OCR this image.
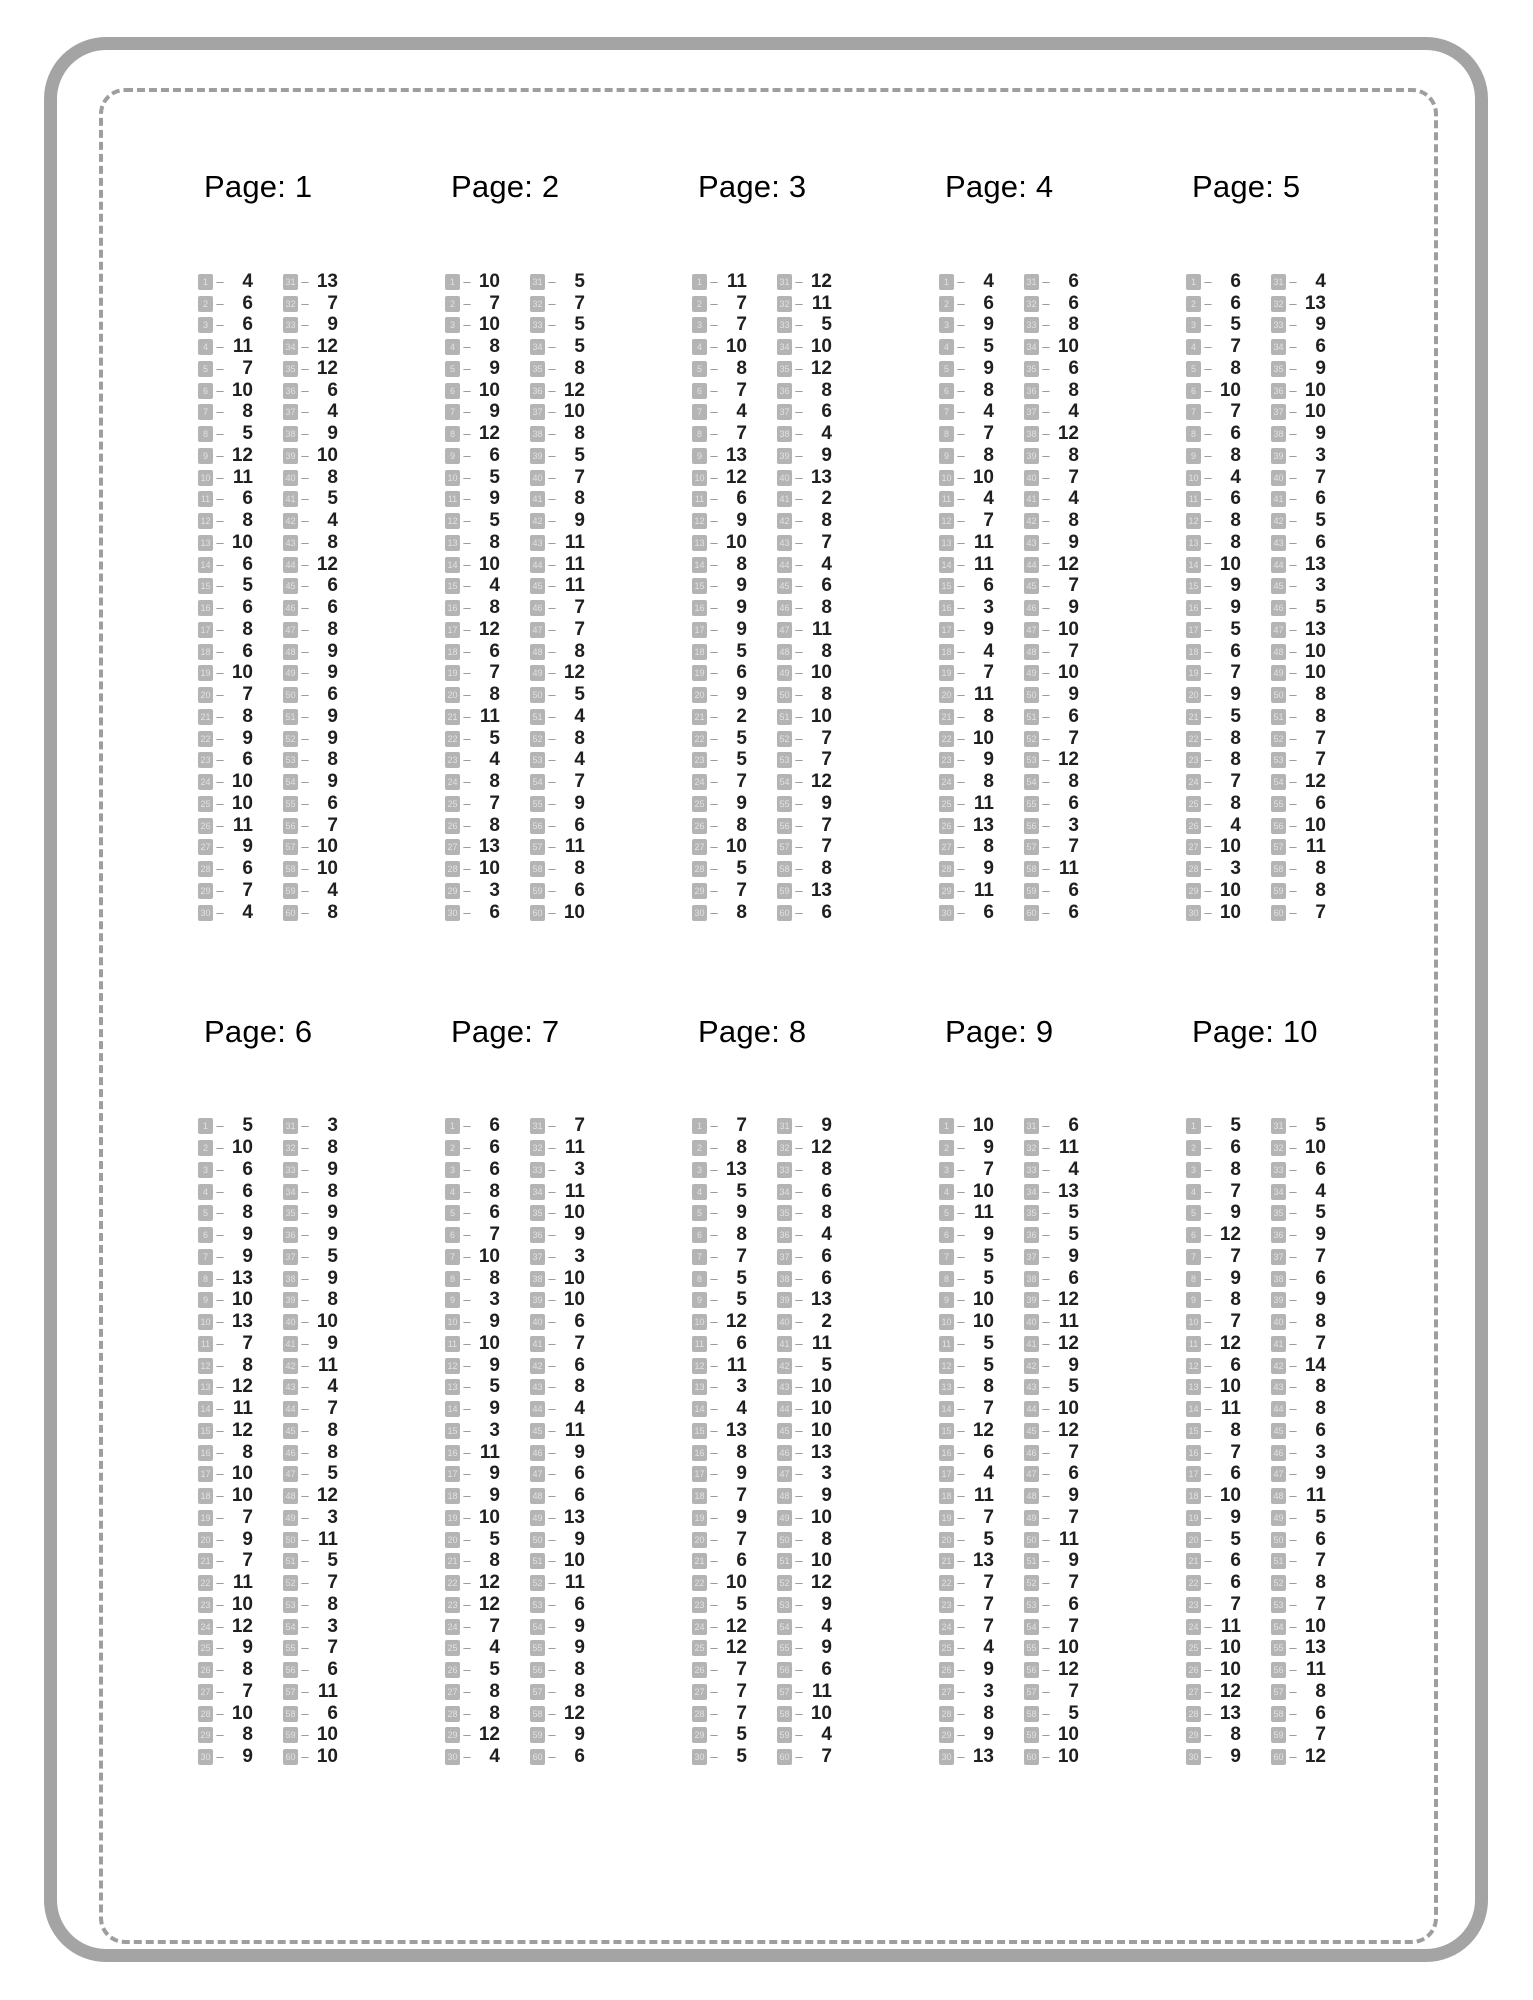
Page: 1
1 – 4	31 – 13
2 – 6	32 – 7
3 – 6	33 – 9
4 – 11	34 – 12
5 – 7	35 – 12
6 – 10	36 – 6
7 – 8	37 – 4
8 – 5	38 – 9
9 – 12	39 – 10
10 – 11	40 – 8
11 – 6	41 – 5
12 – 8	42 – 4
13 – 10	43 – 8
14 – 6	44 – 12
15 – 5	45 – 6
16 – 6	46 – 6
17 – 8	47 – 8
18 – 6	48 – 9
19 – 10	49 – 9
20 – 7	50 – 6
21 – 8	51 – 9
22 – 9	52 – 9
23 – 6	53 – 8
24 – 10	54 – 9
25 – 10	55 – 6
26 – 11	56 – 7
27 – 9	57 – 10
28 – 6	58 – 10
29 – 7	59 – 4
30 – 4	60 – 8
Page: 2
1 – 10	31 – 5
2 – 7	32 – 7
3 – 10	33 – 5
4 – 8	34 – 5
5 – 9	35 – 8
6 – 10	36 – 12
7 – 9	37 – 10
8 – 12	38 – 8
9 – 6	39 – 5
10 – 5	40 – 7
11 – 9	41 – 8
12 – 5	42 – 9
13 – 8	43 – 11
14 – 10	44 – 11
15 – 4	45 – 11
16 – 8	46 – 7
17 – 12	47 – 7
18 – 6	48 – 8
19 – 7	49 – 12
20 – 8	50 – 5
21 – 11	51 – 4
22 – 5	52 – 8
23 – 4	53 – 4
24 – 8	54 – 7
25 – 7	55 – 9
26 – 8	56 – 6
27 – 13	57 – 11
28 – 10	58 – 8
29 – 3	59 – 6
30 – 6	60 – 10
Page: 3
1 – 11	31 – 12
2 – 7	32 – 11
3 – 7	33 – 5
4 – 10	34 – 10
5 – 8	35 – 12
6 – 7	36 – 8
7 – 4	37 – 6
8 – 7	38 – 4
9 – 13	39 – 9
10 – 12	40 – 13
11 – 6	41 – 2
12 – 9	42 – 8
13 – 10	43 – 7
14 – 8	44 – 4
15 – 9	45 – 6
16 – 9	46 – 8
17 – 9	47 – 11
18 – 5	48 – 8
19 – 6	49 – 10
20 – 9	50 – 8
21 – 2	51 – 10
22 – 5	52 – 7
23 – 5	53 – 7
24 – 7	54 – 12
25 – 9	55 – 9
26 – 8	56 – 7
27 – 10	57 – 7
28 – 5	58 – 8
29 – 7	59 – 13
30 – 8	60 – 6
Page: 4
1 – 4	31 – 6
2 – 6	32 – 6
3 – 9	33 – 8
4 – 5	34 – 10
5 – 9	35 – 6
6 – 8	36 – 8
7 – 4	37 – 4
8 – 7	38 – 12
9 – 8	39 – 8
10 – 10	40 – 7
11 – 4	41 – 4
12 – 7	42 – 8
13 – 11	43 – 9
14 – 11	44 – 12
15 – 6	45 – 7
16 – 3	46 – 9
17 – 9	47 – 10
18 – 4	48 – 7
19 – 7	49 – 10
20 – 11	50 – 9
21 – 8	51 – 6
22 – 10	52 – 7
23 – 9	53 – 12
24 – 8	54 – 8
25 – 11	55 – 6
26 – 13	56 – 3
27 – 8	57 – 7
28 – 9	58 – 11
29 – 11	59 – 6
30 – 6	60 – 6
Page: 5
1 – 6	31 – 4
2 – 6	32 – 13
3 – 5	33 – 9
4 – 7	34 – 6
5 – 8	35 – 9
6 – 10	36 – 10
7 – 7	37 – 10
8 – 6	38 – 9
9 – 8	39 – 3
10 – 4	40 – 7
11 – 6	41 – 6
12 – 8	42 – 5
13 – 8	43 – 6
14 – 10	44 – 13
15 – 9	45 – 3
16 – 9	46 – 5
17 – 5	47 – 13
18 – 6	48 – 10
19 – 7	49 – 10
20 – 9	50 – 8
21 – 5	51 – 8
22 – 8	52 – 7
23 – 8	53 – 7
24 – 7	54 – 12
25 – 8	55 – 6
26 – 4	56 – 10
27 – 10	57 – 11
28 – 3	58 – 8
29 – 10	59 – 8
30 – 10	60 – 7
Page: 6
1 – 5	31 – 3
2 – 10	32 – 8
3 – 6	33 – 9
4 – 6	34 – 8
5 – 8	35 – 9
6 – 9	36 – 9
7 – 9	37 – 5
8 – 13	38 – 9
9 – 10	39 – 8
10 – 13	40 – 10
11 – 7	41 – 9
12 – 8	42 – 11
13 – 12	43 – 4
14 – 11	44 – 7
15 – 12	45 – 8
16 – 8	46 – 8
17 – 10	47 – 5
18 – 10	48 – 12
19 – 7	49 – 3
20 – 9	50 – 11
21 – 7	51 – 5
22 – 11	52 – 7
23 – 10	53 – 8
24 – 12	54 – 3
25 – 9	55 – 7
26 – 8	56 – 6
27 – 7	57 – 11
28 – 10	58 – 6
29 – 8	59 – 10
30 – 9	60 – 10
Page: 7
1 – 6	31 – 7
2 – 6	32 – 11
3 – 6	33 – 3
4 – 8	34 – 11
5 – 6	35 – 10
6 – 7	36 – 9
7 – 10	37 – 3
8 – 8	38 – 10
9 – 3	39 – 10
10 – 9	40 – 6
11 – 10	41 – 7
12 – 9	42 – 6
13 – 5	43 – 8
14 – 9	44 – 4
15 – 3	45 – 11
16 – 11	46 – 9
17 – 9	47 – 6
18 – 9	48 – 6
19 – 10	49 – 13
20 – 5	50 – 9
21 – 8	51 – 10
22 – 12	52 – 11
23 – 12	53 – 6
24 – 7	54 – 9
25 – 4	55 – 9
26 – 5	56 – 8
27 – 8	57 – 8
28 – 8	58 – 12
29 – 12	59 – 9
30 – 4	60 – 6
Page: 8
1 – 7	31 – 9
2 – 8	32 – 12
3 – 13	33 – 8
4 – 5	34 – 6
5 – 9	35 – 8
6 – 8	36 – 4
7 – 7	37 – 6
8 – 5	38 – 6
9 – 5	39 – 13
10 – 12	40 – 2
11 – 6	41 – 11
12 – 11	42 – 5
13 – 3	43 – 10
14 – 4	44 – 10
15 – 13	45 – 10
16 – 8	46 – 13
17 – 9	47 – 3
18 – 7	48 – 9
19 – 9	49 – 10
20 – 7	50 – 8
21 – 6	51 – 10
22 – 10	52 – 12
23 – 5	53 – 9
24 – 12	54 – 4
25 – 12	55 – 9
26 – 7	56 – 6
27 – 7	57 – 11
28 – 7	58 – 10
29 – 5	59 – 4
30 – 5	60 – 7
Page: 9
1 – 10	31 – 6
2 – 9	32 – 11
3 – 7	33 – 4
4 – 10	34 – 13
5 – 11	35 – 5
6 – 9	36 – 5
7 – 5	37 – 9
8 – 5	38 – 6
9 – 10	39 – 12
10 – 10	40 – 11
11 – 5	41 – 12
12 – 5	42 – 9
13 – 8	43 – 5
14 – 7	44 – 10
15 – 12	45 – 12
16 – 6	46 – 7
17 – 4	47 – 6
18 – 11	48 – 9
19 – 7	49 – 7
20 – 5	50 – 11
21 – 13	51 – 9
22 – 7	52 – 7
23 – 7	53 – 6
24 – 7	54 – 7
25 – 4	55 – 10
26 – 9	56 – 12
27 – 3	57 – 7
28 – 8	58 – 5
29 – 9	59 – 10
30 – 13	60 – 10
Page: 10
1 – 5	31 – 5
2 – 6	32 – 10
3 – 8	33 – 6
4 – 7	34 – 4
5 – 9	35 – 5
6 – 12	36 – 9
7 – 7	37 – 7
8 – 9	38 – 6
9 – 8	39 – 9
10 – 7	40 – 8
11 – 12	41 – 7
12 – 6	42 – 14
13 – 10	43 – 8
14 – 11	44 – 8
15 – 8	45 – 6
16 – 7	46 – 3
17 – 6	47 – 9
18 – 10	48 – 11
19 – 9	49 – 5
20 – 5	50 – 6
21 – 6	51 – 7
22 – 6	52 – 8
23 – 7	53 – 7
24 – 11	54 – 10
25 – 10	55 – 13
26 – 10	56 – 11
27 – 12	57 – 8
28 – 13	58 – 6
29 – 8	59 – 7
30 – 9	60 – 12
